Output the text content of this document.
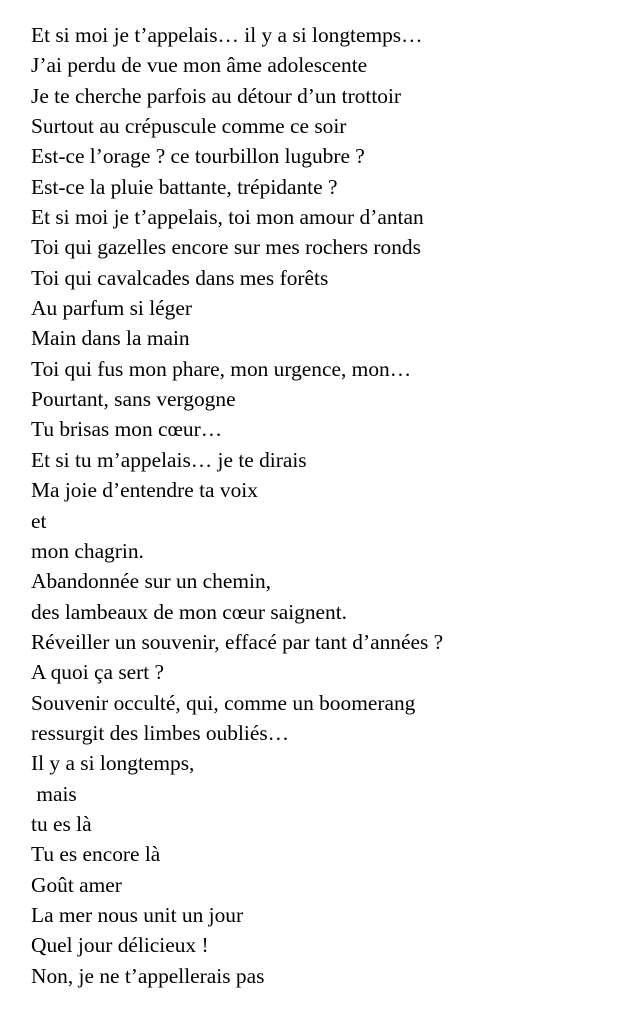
Et si moi je t’appelais… il y a si longtemps…
J’ai perdu de vue mon âme adolescente
Je te cherche parfois au détour d’un trottoir
Surtout au crépuscule comme ce soir
Est-ce l’orage ? ce tourbillon lugubre ?
Est-ce la pluie battante, trépidante ?
Et si moi je t’appelais, toi mon amour d’antan
Toi qui gazelles encore sur mes rochers ronds
Toi qui cavalcades dans mes forêts
Au parfum si léger
Main dans la main
Toi qui fus mon phare, mon urgence, mon…
Pourtant, sans vergogne
Tu brisas mon cœur…
Et si tu m’appelais… je te dirais
Ma joie d’entendre ta voix
et
mon chagrin.
Abandonnée sur un chemin,
des lambeaux de mon cœur saignent.
Réveiller un souvenir, effacé par tant d’années ?
A quoi ça sert ?
Souvenir occulté, qui, comme un boomerang
ressurgit des limbes oubliés…
Il y a si longtemps,
mais
tu es là
Tu es encore là
Goût amer
La mer nous unit un jour
Quel jour délicieux !
Non, je ne t’appellerais pas
